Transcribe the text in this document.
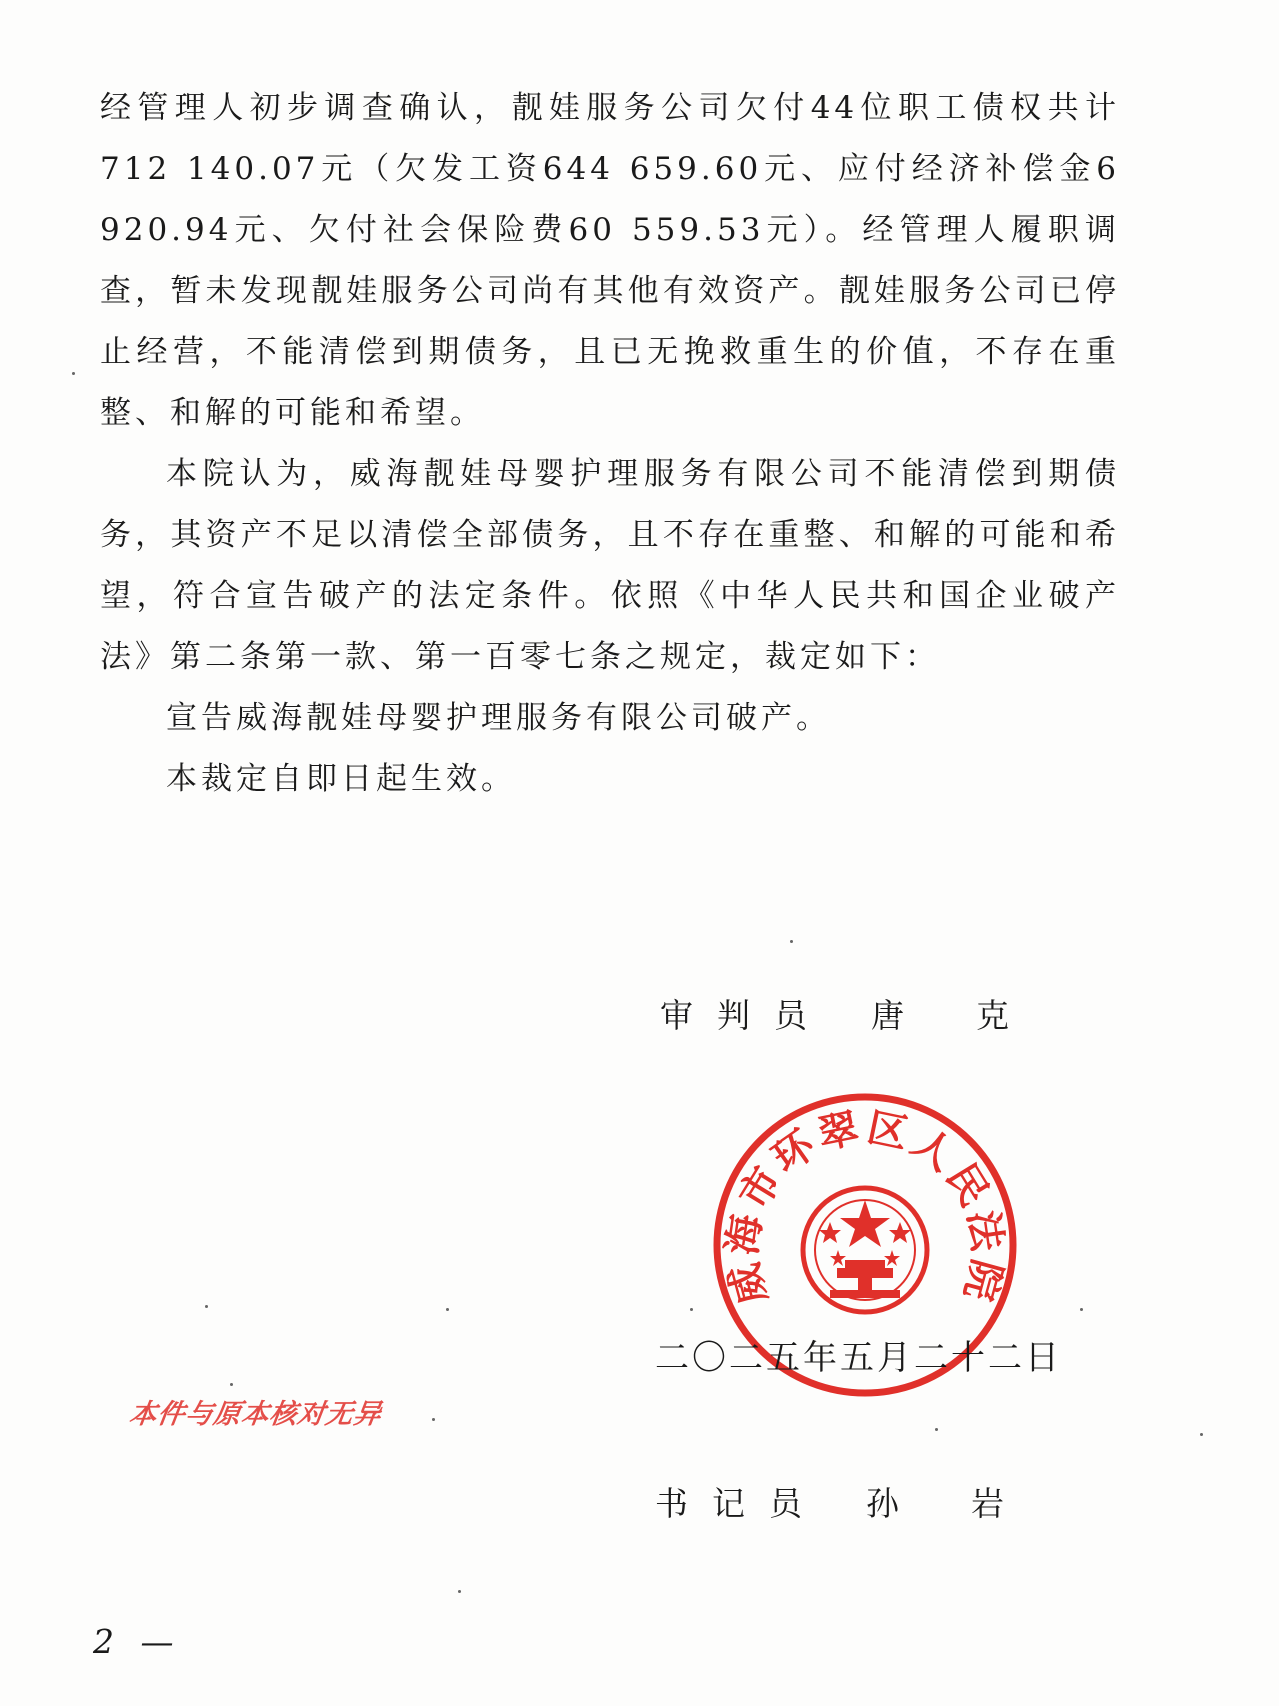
经管理人初步调查确认，靓娃服务公司欠付44位职工债权共计712 140.07元（欠发工资644 659.60元、应付经济补偿金6 920.94元、欠付社会保险费60 559.53元）。经管理人履职调查，暂未发现靓娃服务公司尚有其他有效资产。靓娃服务公司已停止经营，不能清偿到期债务，且已无挽救重生的价值，不存在重整、和解的可能和希望。

本院认为，威海靓娃母婴护理服务有限公司不能清偿到期债务，其资产不足以清偿全部债务，且不存在重整、和解的可能和希望，符合宣告破产的法定条件。依照《中华人民共和国企业破产法》第二条第一款、第一百零七条之规定，裁定如下：

宣告威海靓娃母婴护理服务有限公司破产。

本裁定自即日起生效。

审判员 唐克
威海市环翠区人民法院
二〇二五年五月二十二日
书记员 孙岩
本件与原本核对无异
2 —
